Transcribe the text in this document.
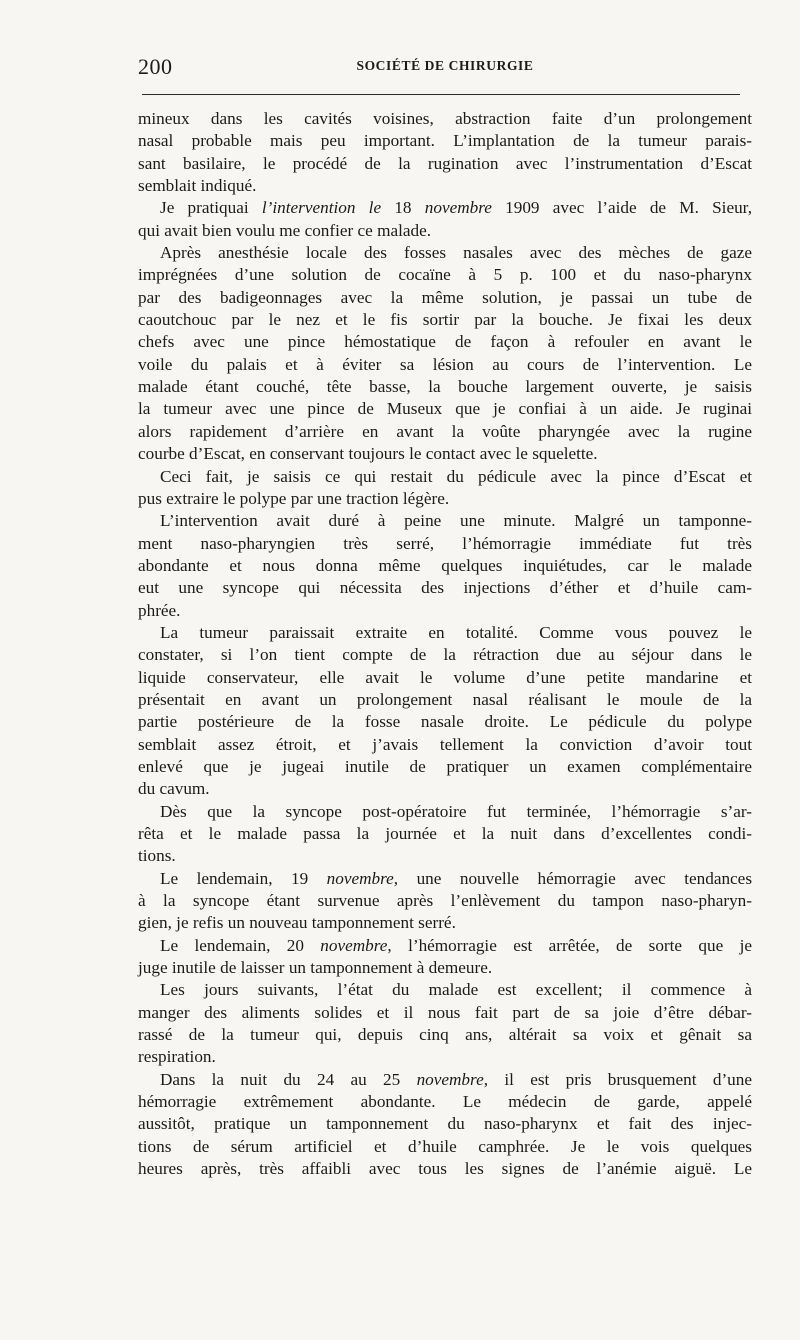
200	SOCIÉTÉ DE CHIRURGIE
mineux dans les cavités voisines, abstraction faite d’un prolongement
nasal probable mais peu important. L’implantation de la tumeur parais-
sant basilaire, le procédé de la rugination avec l’instrumentation d’Escat
semblait indiqué.
Je pratiquai l’intervention le 18 novembre 1909 avec l’aide de M. Sieur,
qui avait bien voulu me confier ce malade.
Après anesthésie locale des fosses nasales avec des mèches de gaze
imprégnées d’une solution de cocaïne à 5 p. 100 et du naso-pharynx
par des badigeonnages avec la même solution, je passai un tube de
caoutchouc par le nez et le fis sortir par la bouche. Je fixai les deux
chefs avec une pince hémostatique de façon à refouler en avant le
voile du palais et à éviter sa lésion au cours de l’intervention. Le
malade étant couché, tête basse, la bouche largement ouverte, je saisis
la tumeur avec une pince de Museux que je confiai à un aide. Je ruginai
alors rapidement d’arrière en avant la voûte pharyngée avec la rugine
courbe d’Escat, en conservant toujours le contact avec le squelette.
Ceci fait, je saisis ce qui restait du pédicule avec la pince d’Escat et
pus extraire le polype par une traction légère.
L’intervention avait duré à peine une minute. Malgré un tamponne-
ment naso-pharyngien très serré, l’hémorragie immédiate fut très
abondante et nous donna même quelques inquiétudes, car le malade
eut une syncope qui nécessita des injections d’éther et d’huile cam-
phrée.
La tumeur paraissait extraite en totalité. Comme vous pouvez le
constater, si l’on tient compte de la rétraction due au séjour dans le
liquide conservateur, elle avait le volume d’une petite mandarine et
présentait en avant un prolongement nasal réalisant le moule de la
partie postérieure de la fosse nasale droite. Le pédicule du polype
semblait assez étroit, et j’avais tellement la conviction d’avoir tout
enlevé que je jugeai inutile de pratiquer un examen complémentaire
du cavum.
Dès que la syncope post-opératoire fut terminée, l’hémorragie s’ar-
rêta et le malade passa la journée et la nuit dans d’excellentes condi-
tions.
Le lendemain, 19 novembre, une nouvelle hémorragie avec tendances
à la syncope étant survenue après l’enlèvement du tampon naso-pharyn-
gien, je refis un nouveau tamponnement serré.
Le lendemain, 20 novembre, l’hémorragie est arrêtée, de sorte que je
juge inutile de laisser un tamponnement à demeure.
Les jours suivants, l’état du malade est excellent; il commence à
manger des aliments solides et il nous fait part de sa joie d’être débar-
rassé de la tumeur qui, depuis cinq ans, altérait sa voix et gênait sa
respiration.
Dans la nuit du 24 au 25 novembre, il est pris brusquement d’une
hémorragie extrêmement abondante. Le médecin de garde, appelé
aussitôt, pratique un tamponnement du naso-pharynx et fait des injec-
tions de sérum artificiel et d’huile camphrée. Je le vois quelques
heures après, très affaibli avec tous les signes de l’anémie aiguë. Le
